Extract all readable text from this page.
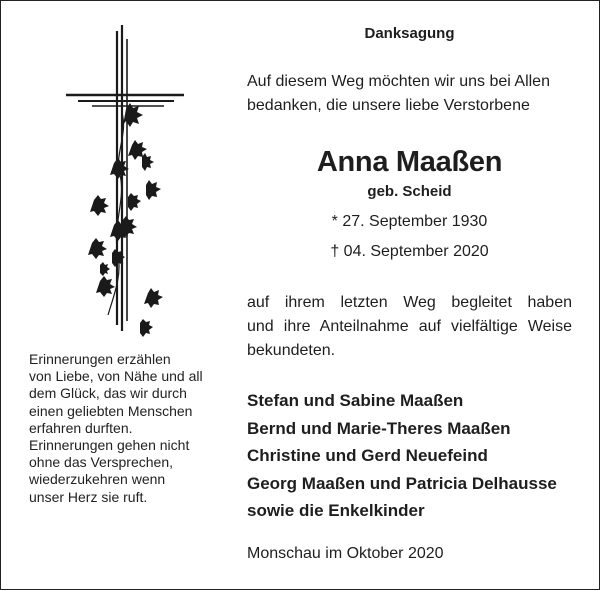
Erinnerungen erzählen
von Liebe, von Nähe und all
dem Glück, das wir durch
einen geliebten Menschen
erfahren durften.
Erinnerungen gehen nicht
ohne das Versprechen,
wiederzukehren wenn
unser Herz sie ruft.
Danksagung
Auf diesem Weg möchten wir uns bei Allen
bedanken, die unsere liebe Verstorbene
Anna Maaßen
geb. Scheid
* 27. September 1930
† 04. September 2020
auf ihrem letzten Weg begleitet haben
und ihre Anteilnahme auf vielfältige Weise
bekundeten.
Stefan und Sabine Maaßen
Bernd und Marie-Theres Maaßen
Christine und Gerd Neuefeind
Georg Maaßen und Patricia Delhausse
sowie die Enkelkinder
Monschau im Oktober 2020
